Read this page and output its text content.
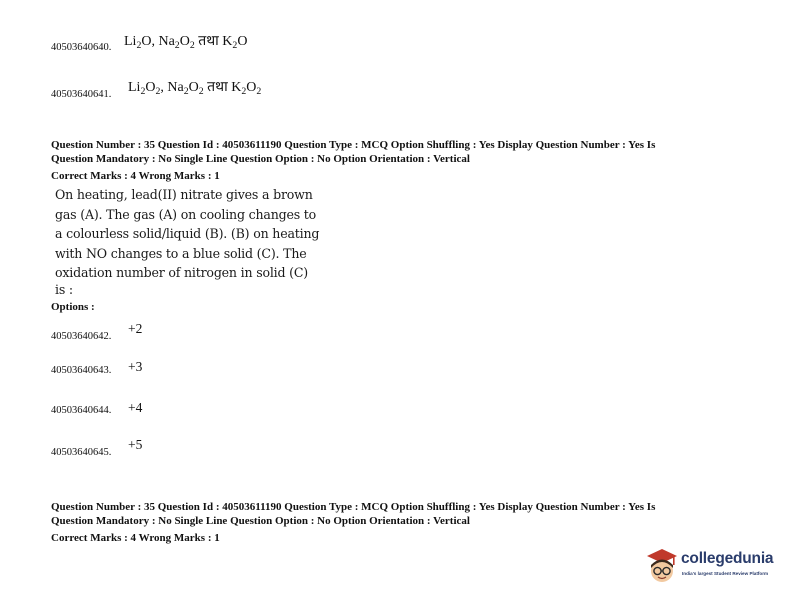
40503640640. $Li_2O$, $Na_2O_2$ तथा $K_2O$
40503640641. $Li_2O_2$, $Na_2O_2$ तथा $K_2O_2$
Question Number : 35 Question Id : 40503611190 Question Type : MCQ Option Shuffling : Yes Display Question Number : Yes Is
Question Mandatory : No Single Line Question Option : No Option Orientation : Vertical
Correct Marks : 4 Wrong Marks : 1
On heating, lead(II) nitrate gives a brown
gas (A). The gas (A) on cooling changes to
a colourless solid/liquid (B). (B) on heating
with NO changes to a blue solid (C). The
oxidation number of nitrogen in solid (C)
is :
Options :
40503640642.
+2
40503640643. +3
40503640644. +4
40503640645.
+5
Question Number : 35 Question Id : 40503611190 Question Type : MCQ Option Shuffling : Yes Display Question Number : Yes Is
Question Mandatory : No Single Line Question Option : No Option Orientation : Vertical
Correct Marks : 4 Wrong Marks : 1
collegedunia
India's largest Student Review Platform
